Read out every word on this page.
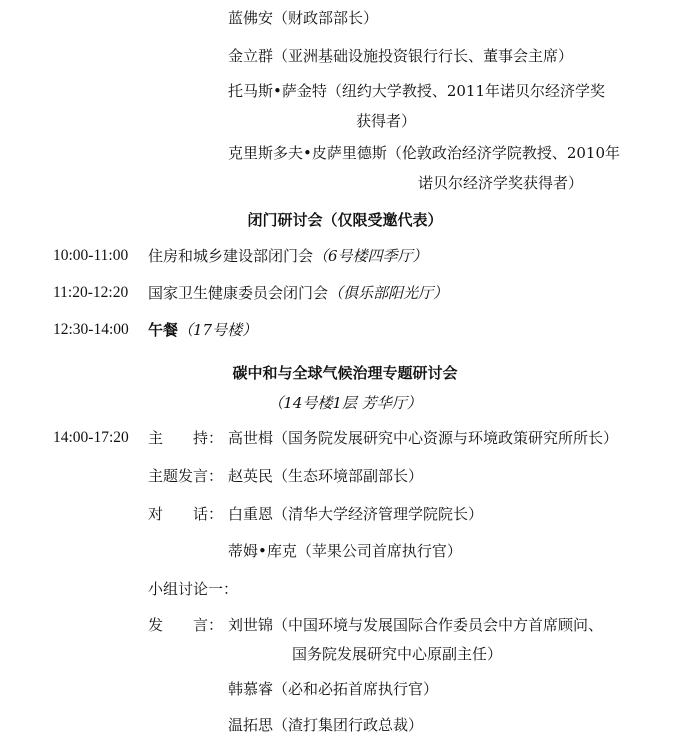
蓝佛安（财政部部长）
金立群（亚洲基础设施投资银行行长、董事会主席）
托马斯•萨金特（纽约大学教授、2011年诺贝尔经济学奖
获得者）
克里斯多夫•皮萨里德斯（伦敦政治经济学院教授、2010年
诺贝尔经济学奖获得者）
闭门研讨会（仅限受邀代表）
10:00-11:00 住房和城乡建设部闭门会（6号楼四季厅）
11:20-12:20 国家卫生健康委员会闭门会（俱乐部阳光厅）
12:30-14:00 午餐（17号楼）
碳中和与全球气候治理专题研讨会
（14号楼1层 芳华厅）
14:00-17:20 主　　持： 高世楫（国务院发展研究中心资源与环境政策研究所所长）
主题发言： 赵英民（生态环境部副部长）
对　　话： 白重恩（清华大学经济管理学院院长）
蒂姆•库克（苹果公司首席执行官）
小组讨论一：
发　　言： 刘世锦（中国环境与发展国际合作委员会中方首席顾问、
国务院发展研究中心原副主任）
韩慕睿（必和必拓首席执行官）
温拓思（渣打集团行政总裁）
